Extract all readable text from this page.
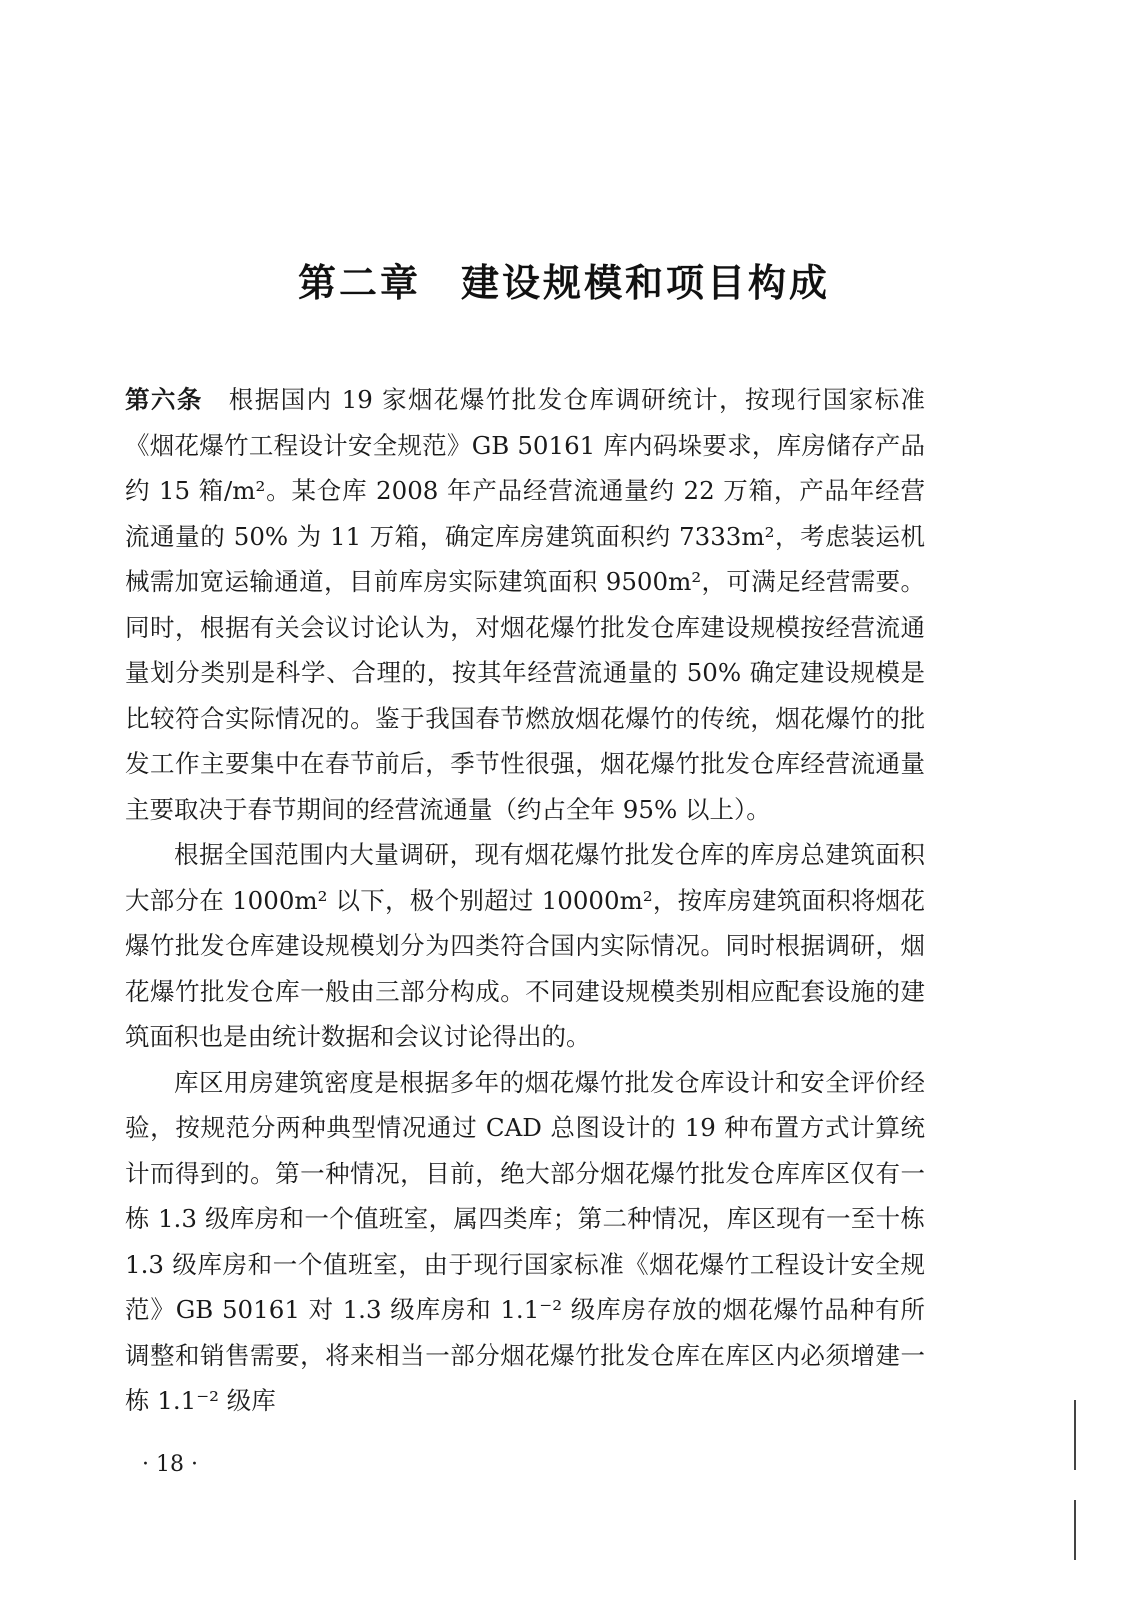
第二章 建设规模和项目构成

第六条 根据国内 19 家烟花爆竹批发仓库调研统计，按现行国家标准《烟花爆竹工程设计安全规范》GB 50161 库内码垛要求，库房储存产品约 15 箱/m²。某仓库 2008 年产品经营流通量约 22 万箱，产品年经营流通量的 50% 为 11 万箱，确定库房建筑面积约 7333m²，考虑装运机械需加宽运输通道，目前库房实际建筑面积 9500m²，可满足经营需要。同时，根据有关会议讨论认为，对烟花爆竹批发仓库建设规模按经营流通量划分类别是科学、合理的，按其年经营流通量的 50% 确定建设规模是比较符合实际情况的。鉴于我国春节燃放烟花爆竹的传统，烟花爆竹的批发工作主要集中在春节前后，季节性很强，烟花爆竹批发仓库经营流通量主要取决于春节期间的经营流通量（约占全年 95% 以上）。

根据全国范围内大量调研，现有烟花爆竹批发仓库的库房总建筑面积大部分在 1000m² 以下，极个别超过 10000m²，按库房建筑面积将烟花爆竹批发仓库建设规模划分为四类符合国内实际情况。同时根据调研，烟花爆竹批发仓库一般由三部分构成。不同建设规模类别相应配套设施的建筑面积也是由统计数据和会议讨论得出的。

库区用房建筑密度是根据多年的烟花爆竹批发仓库设计和安全评价经验，按规范分两种典型情况通过 CAD 总图设计的 19 种布置方式计算统计而得到的。第一种情况，目前，绝大部分烟花爆竹批发仓库库区仅有一栋 1.3 级库房和一个值班室，属四类库；第二种情况，库区现有一至十栋 1.3 级库房和一个值班室，由于现行国家标准《烟花爆竹工程设计安全规范》GB 50161 对 1.3 级库房和 1.1⁻² 级库房存放的烟花爆竹品种有所调整和销售需要，将来相当一部分烟花爆竹批发仓库在库区内必须增建一栋 1.1⁻² 级库

· 18 ·
